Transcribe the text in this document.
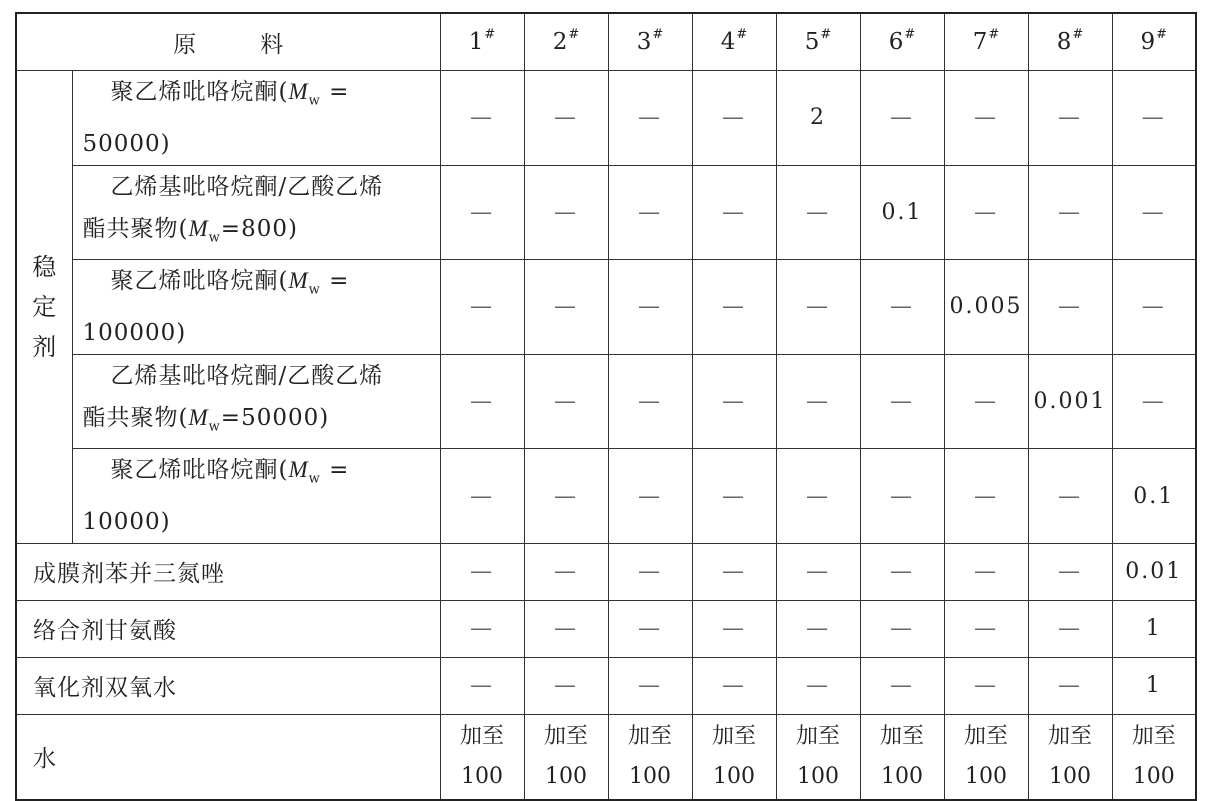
原 料		1#	2#	3#	4#	5#	6#	7#	8#	9#

稳
定
剂	聚乙烯吡咯烷酮($M_w$ =
50000)	—	—	—	—	2	—	—	—	—
	乙烯基吡咯烷酮/乙酸乙烯
酯共聚物$(M_w=800)$	—	—	—	—	—	0.1	—	—	—
	聚乙烯吡咯烷酮($M_w$ =
100000)	—	—	—	—	—	—	0.005	—	—
	乙烯基吡咯烷酮/乙酸乙烯
酯共聚物$(M_w=50000)$	—	—	—	—	—	—	—	0.001	—
	聚乙烯吡咯烷酮($M_w$ =
10000)	—	—	—	—	—	—	—	—	0.1
成膜剂苯并三氮唑		—	—	—	—	—	—	—	—	0.01
络合剂甘氨酸		—	—	—	—	—	—	—	—	1
氧化剂双氧水		—	—	—	—	—	—	—	—	1
水		加至
100	加至
100	加至
100	加至
100	加至
100	加至
100	加至
100	加至
100	加至
100
